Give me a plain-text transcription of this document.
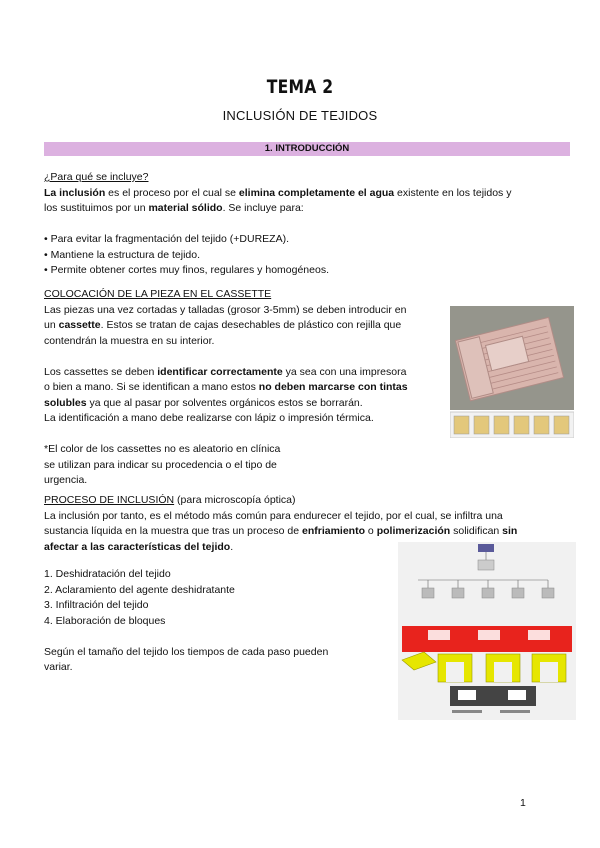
TEMA 2
INCLUSIÓN DE TEJIDOS
1. INTRODUCCIÓN
¿Para qué se incluye?
La inclusión es el proceso por el cual se elimina completamente el agua existente en los tejidos y
los sustituimos por un material sólido. Se incluye para:
• Para evitar la fragmentación del tejido (+DUREZA).
• Mantiene la estructura de tejido.
• Permite obtener cortes muy finos, regulares y homogéneos.
COLOCACIÓN DE LA PIEZA EN EL CASSETTE
Las piezas una vez cortadas y talladas (grosor 3-5mm) se deben introducir en
un cassette. Estos se tratan de cajas desechables de plástico con rejilla que
contendrán la muestra en su interior.
Los cassettes se deben identificar correctamente ya sea con una impresora
o bien a mano. Si se identifican a mano estos no deben marcarse con tintas
solubles ya que al pasar por solventes orgánicos estos se borrarán.
La identificación a mano debe realizarse con lápiz o impresión térmica.
*El color de los cassettes no es aleatorio en clínica
se utilizan para indicar su procedencia o el tipo de
urgencia.
PROCESO DE INCLUSIÓN (para microscopía óptica)
La inclusión por tanto, es el método más común para endurecer el tejido, por el cual, se infiltra una
sustancia líquida en la muestra que tras un proceso de enfriamiento o polimerización solidifican sin
afectar a las características del tejido.
1. Deshidratación del tejido
2. Aclaramiento del agente deshidratante
3. Infiltración del tejido
4. Elaboración de bloques
Según el tamaño del tejido los tiempos de cada paso pueden
variar.
1
